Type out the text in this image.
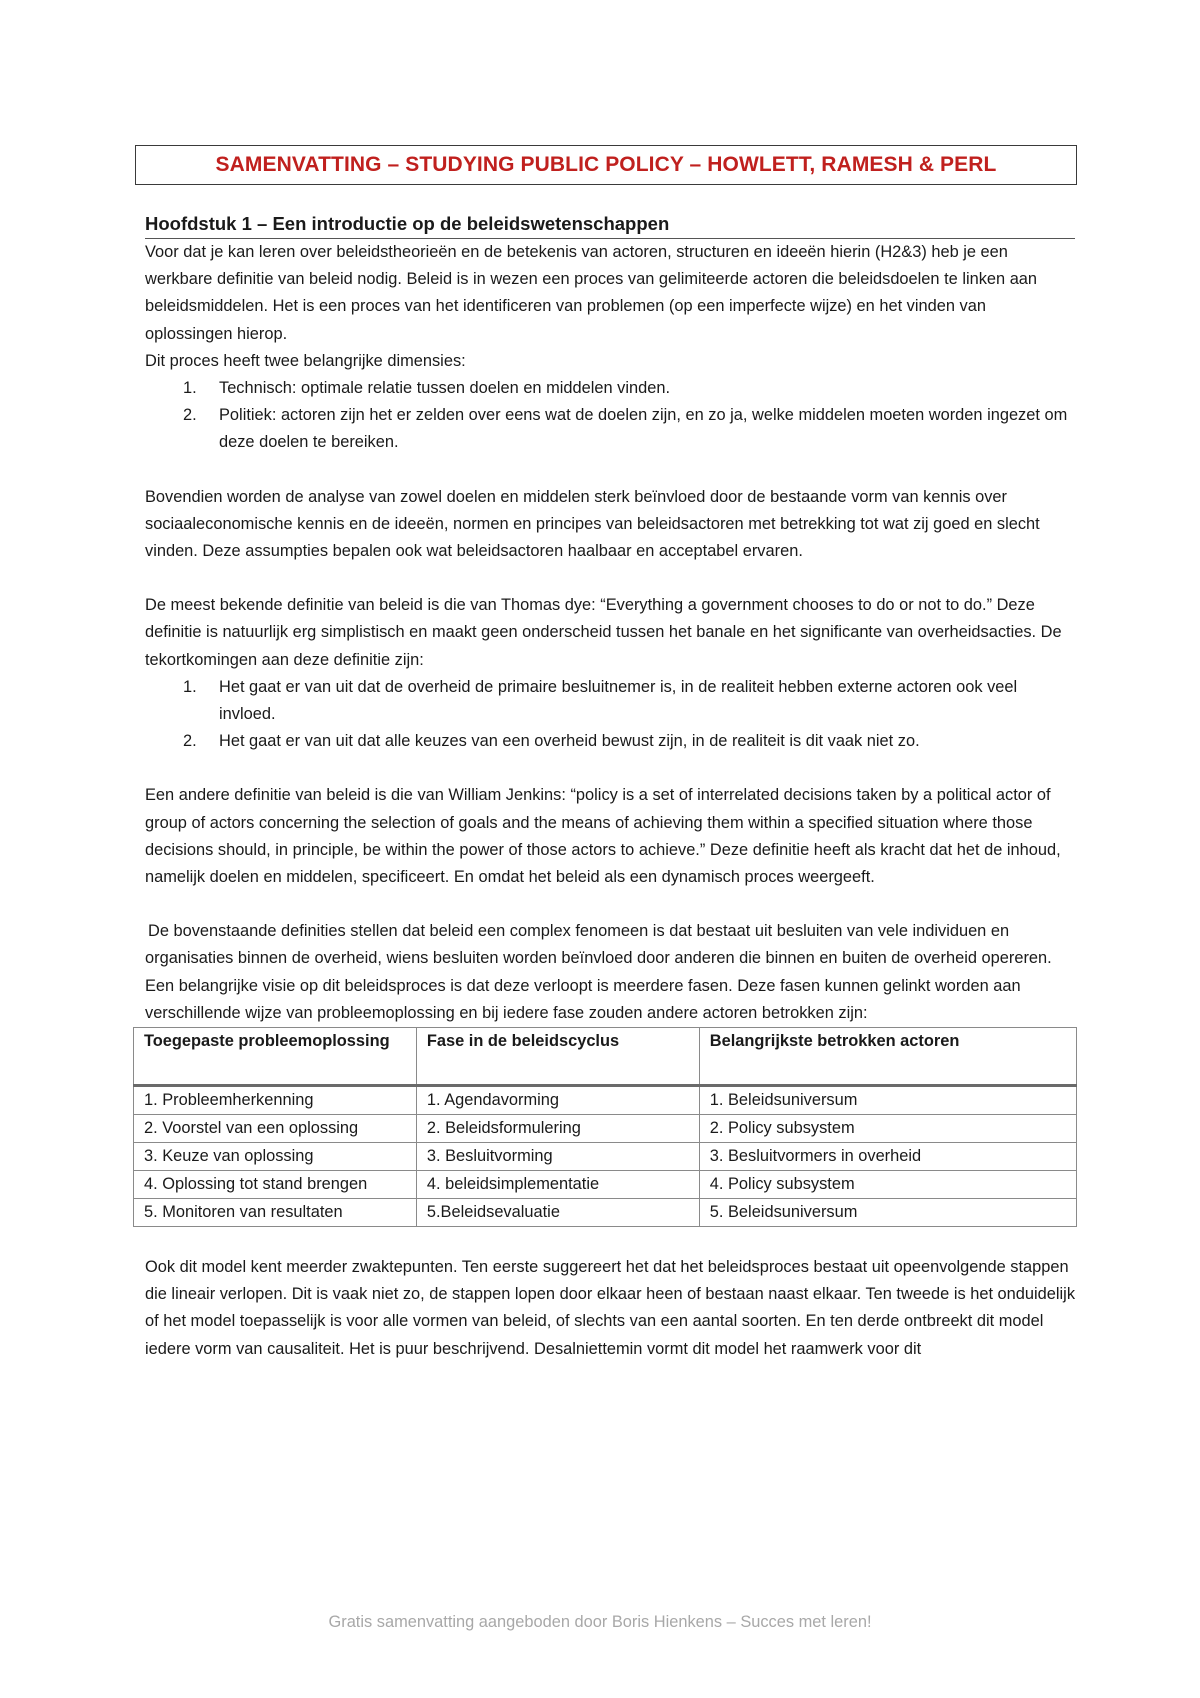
SAMENVATTING – STUDYING PUBLIC POLICY – HOWLETT, RAMESH & PERL
Hoofdstuk 1 – Een introductie op de beleidswetenschappen

Voor dat je kan leren over beleidstheorieën en de betekenis van actoren, structuren en ideeën hierin (H2&3) heb je een werkbare definitie van beleid nodig. Beleid is in wezen een proces van gelimiteerde actoren die beleidsdoelen te linken aan beleidsmiddelen. Het is een proces van het identificeren van problemen (op een imperfecte wijze) en het vinden van oplossingen hierop.

Dit proces heeft twee belangrijke dimensies:

1. Technisch: optimale relatie tussen doelen en middelen vinden.
2. Politiek: actoren zijn het er zelden over eens wat de doelen zijn, en zo ja, welke middelen moeten worden ingezet om deze doelen te bereiken.

Bovendien worden de analyse van zowel doelen en middelen sterk beïnvloed door de bestaande vorm van kennis over sociaaleconomische kennis en de ideeën, normen en principes van beleidsactoren met betrekking tot wat zij goed en slecht vinden. Deze assumpties bepalen ook wat beleidsactoren haalbaar en acceptabel ervaren.

De meest bekende definitie van beleid is die van Thomas dye: “Everything a government chooses to do or not to do.” Deze definitie is natuurlijk erg simplistisch en maakt geen onderscheid tussen het banale en het significante van overheidsacties. De tekortkomingen aan deze definitie zijn:

1. Het gaat er van uit dat de overheid de primaire besluitnemer is, in de realiteit hebben externe actoren ook veel invloed.
2. Het gaat er van uit dat alle keuzes van een overheid bewust zijn, in de realiteit is dit vaak niet zo.

Een andere definitie van beleid is die van William Jenkins: “policy is a set of interrelated decisions taken by a political actor of group of actors concerning the selection of goals and the means of achieving them within a specified situation where those decisions should, in principle, be within the power of those actors to achieve.” Deze definitie heeft als kracht dat het de inhoud, namelijk doelen en middelen, specificeert. En omdat het beleid als een dynamisch proces weergeeft.

De bovenstaande definities stellen dat beleid een complex fenomeen is dat bestaat uit besluiten van vele individuen en organisaties binnen de overheid, wiens besluiten worden beïnvloed door anderen die binnen en buiten de overheid opereren. Een belangrijke visie op dit beleidsproces is dat deze verloopt is meerdere fasen. Deze fasen kunnen gelinkt worden aan verschillende wijze van probleemoplossing en bij iedere fase zouden andere actoren betrokken zijn:

Toegepaste probleemoplossing	Fase in de beleidscyclus	Belangrijkste betrokken actoren
1. Probleemherkenning	1. Agendavorming	1. Beleidsuniversum
2. Voorstel van een oplossing	2. Beleidsformulering	2. Policy subsystem
3. Keuze van oplossing	3. Besluitvorming	3. Besluitvormers in overheid
4. Oplossing tot stand brengen	4. beleidsimplementatie	4. Policy subsystem
5. Monitoren van resultaten	5.Beleidsevaluatie	5. Beleidsuniversum

Ook dit model kent meerder zwaktepunten. Ten eerste suggereert het dat het beleidsproces bestaat uit opeenvolgende stappen die lineair verlopen. Dit is vaak niet zo, de stappen lopen door elkaar heen of bestaan naast elkaar. Ten tweede is het onduidelijk of het model toepasselijk is voor alle vormen van beleid, of slechts van een aantal soorten. En ten derde ontbreekt dit model iedere vorm van causaliteit. Het is puur beschrijvend. Desalniettemin vormt dit model het raamwerk voor dit

Gratis samenvatting aangeboden door Boris Hienkens – Succes met leren!
